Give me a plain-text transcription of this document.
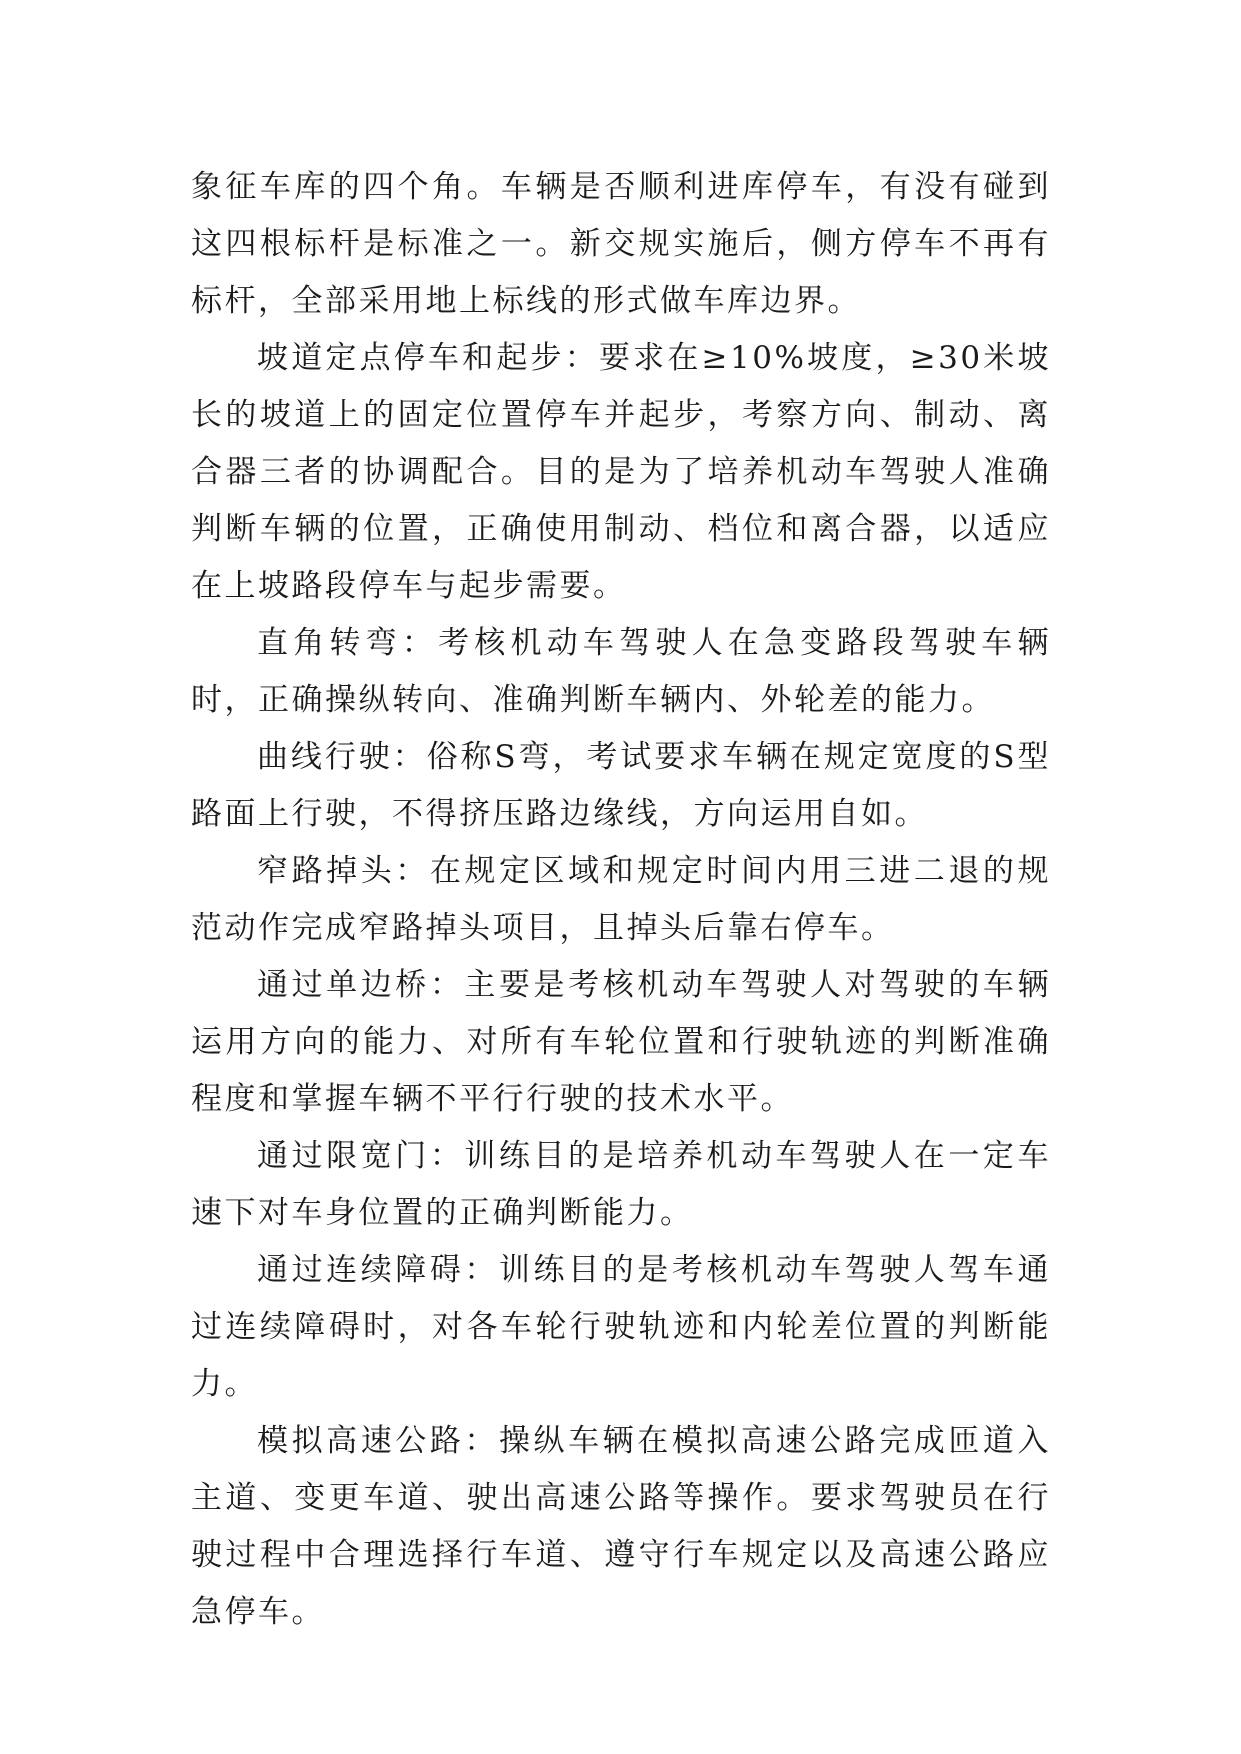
象征车库的四个角。车辆是否顺利进库停车，有没有碰到这四根标杆是标准之一。新交规实施后，侧方停车不再有标杆，全部采用地上标线的形式做车库边界。

坡道定点停车和起步：要求在≥10%坡度，≥30米坡长的坡道上的固定位置停车并起步，考察方向、制动、离合器三者的协调配合。目的是为了培养机动车驾驶人准确判断车辆的位置，正确使用制动、档位和离合器，以适应在上坡路段停车与起步需要。

直角转弯：考核机动车驾驶人在急变路段驾驶车辆时，正确操纵转向、准确判断车辆内、外轮差的能力。

曲线行驶：俗称S弯，考试要求车辆在规定宽度的S型路面上行驶，不得挤压路边缘线，方向运用自如。

窄路掉头：在规定区域和规定时间内用三进二退的规范动作完成窄路掉头项目，且掉头后靠右停车。

通过单边桥：主要是考核机动车驾驶人对驾驶的车辆运用方向的能力、对所有车轮位置和行驶轨迹的判断准确程度和掌握车辆不平行行驶的技术水平。

通过限宽门：训练目的是培养机动车驾驶人在一定车速下对车身位置的正确判断能力。

通过连续障碍：训练目的是考核机动车驾驶人驾车通过连续障碍时，对各车轮行驶轨迹和内轮差位置的判断能力。

模拟高速公路：操纵车辆在模拟高速公路完成匝道入主道、变更车道、驶出高速公路等操作。要求驾驶员在行驶过程中合理选择行车道、遵守行车规定以及高速公路应急停车。
